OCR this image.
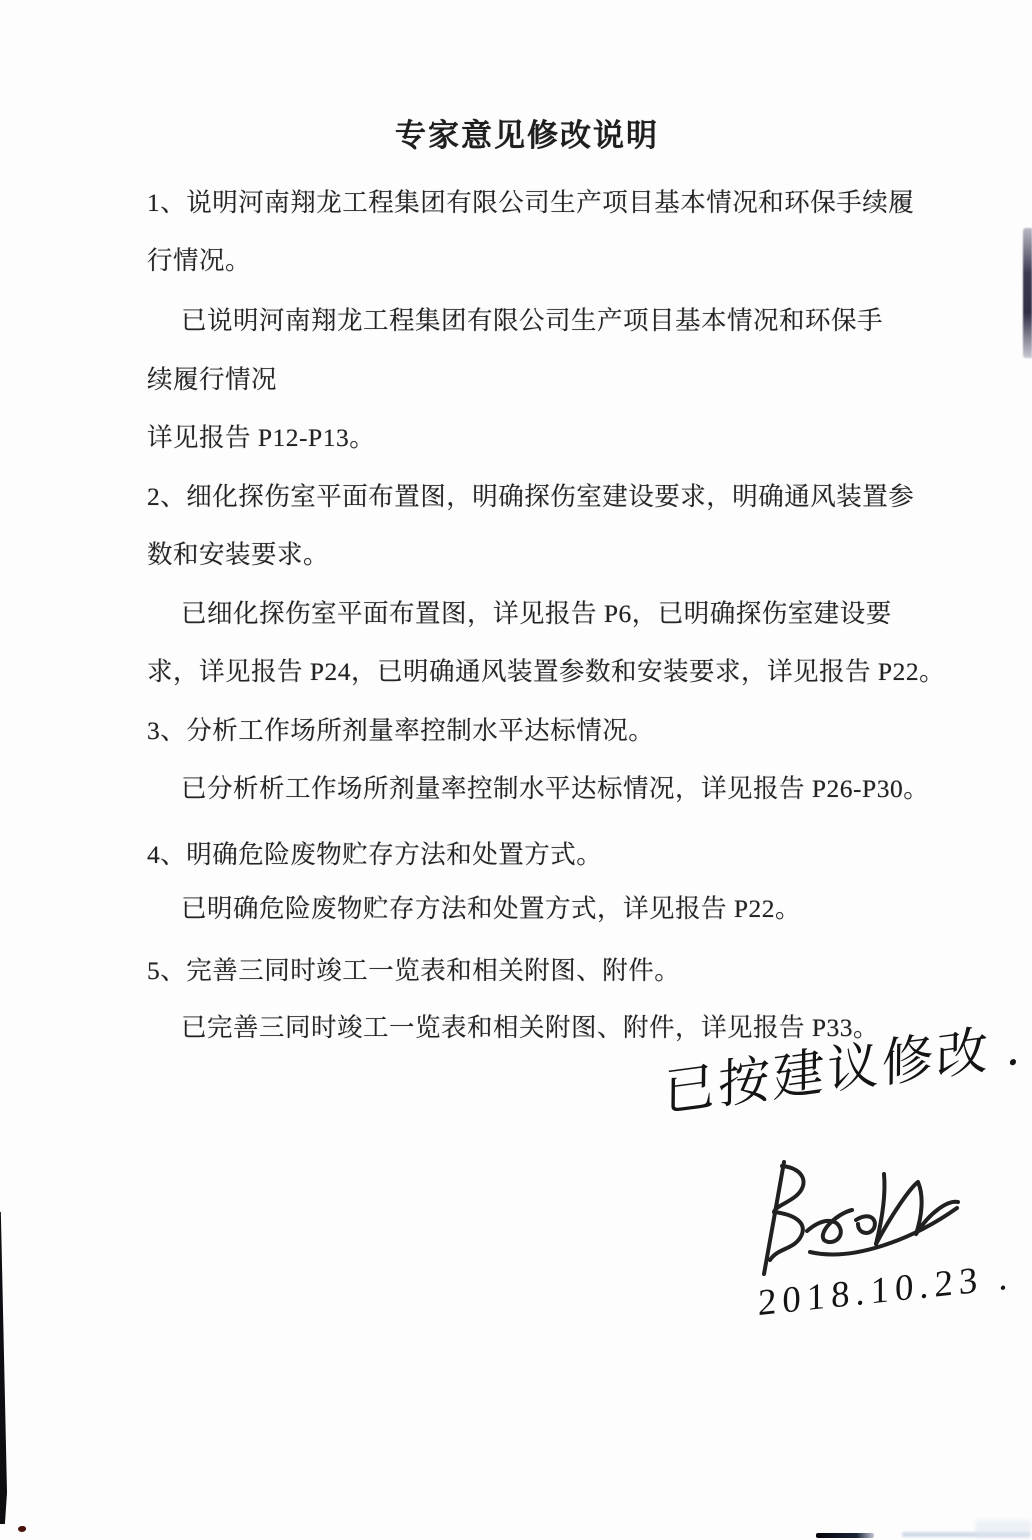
专家意见修改说明
1、说明河南翔龙工程集团有限公司生产项目基本情况和环保手续履
行情况。
已说明河南翔龙工程集团有限公司生产项目基本情况和环保手
续履行情况
详见报告 P12-P13。
2、细化探伤室平面布置图，明确探伤室建设要求，明确通风装置参
数和安装要求。
已细化探伤室平面布置图，详见报告 P6，已明确探伤室建设要
求，详见报告 P24，已明确通风装置参数和安装要求，详见报告 P22。
3、分析工作场所剂量率控制水平达标情况。
已分析析工作场所剂量率控制水平达标情况，详见报告 P26-P30。
4、明确危险废物贮存方法和处置方式。
已明确危险废物贮存方法和处置方式，详见报告 P22。
5、完善三同时竣工一览表和相关附图、附件。
已完善三同时竣工一览表和相关附图、附件，详见报告 P33。
已按建议修改 .
2018.10.23 .
